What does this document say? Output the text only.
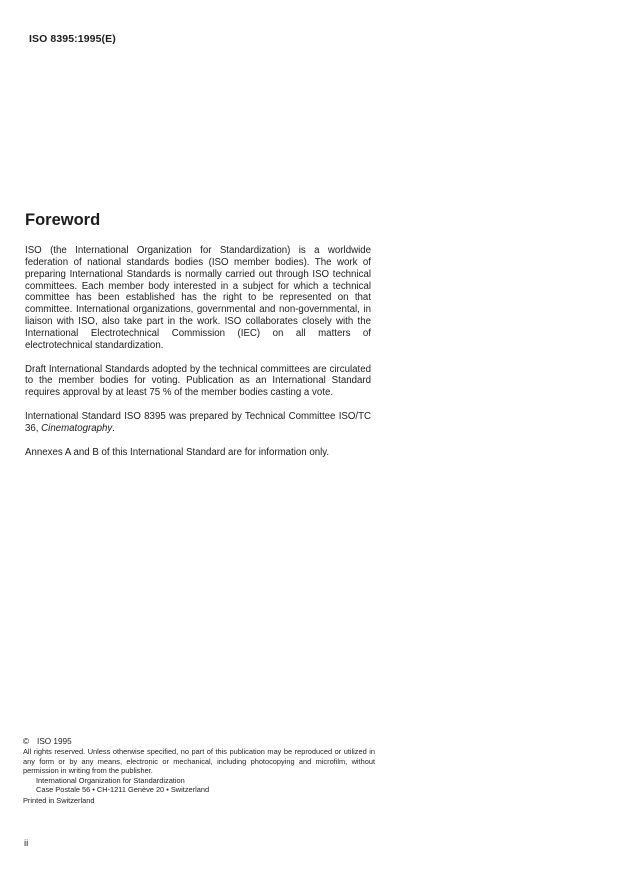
ISO 8395:1995(E)
Foreword

ISO (the International Organization for Standardization) is a worldwide federation of national standards bodies (ISO member bodies). The work of preparing International Standards is normally carried out through ISO technical committees. Each member body interested in a subject for which a technical committee has been established has the right to be represented on that committee. International organizations, governmental and non-governmental, in liaison with ISO, also take part in the work. ISO collaborates closely with the International Electrotechnical Commission (IEC) on all matters of electrotechnical standardization.

Draft International Standards adopted by the technical committees are circulated to the member bodies for voting. Publication as an International Standard requires approval by at least 75 % of the member bodies casting a vote.

International Standard ISO 8395 was prepared by Technical Committee ISO/TC 36, Cinematography.

Annexes A and B of this International Standard are for information only.

© ISO 1995
All rights reserved. Unless otherwise specified, no part of this publication may be reproduced or utilized in any form or by any means, electronic or mechanical, including photocopying and microfilm, without permission in writing from the publisher.
International Organization for Standardization
Case Postale 56 • CH-1211 Genève 20 • Switzerland
Printed in Switzerland
ii
